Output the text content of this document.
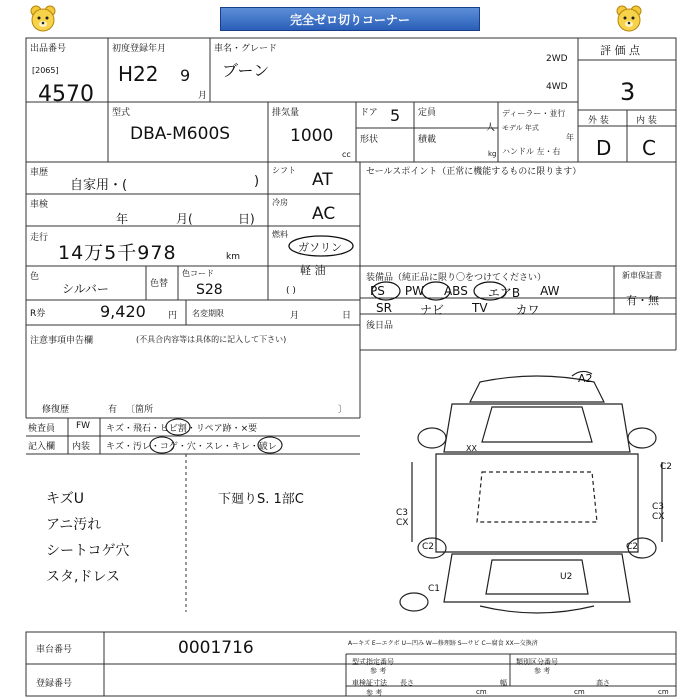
完全ゼロ切りコーナー
出品番号
[2065]
4570
初度登録年月
H22 9
月
車名・グレード
ブーン
2WD
4WD
評 価 点
3
型式
DBA-M600S
排気量
1000
cc
ドア 5
形状
定員
人
積載
kg
ディーラー・並行
モデル 年式
年
ハンドル 左・右
外 装	内 装
D C
車歴
自家用・(	)
シフト AT	セールスポイント（正常に機能するものに限ります）
車検
年	月(	日)
冷房
AC
走行
14万5千978	km
燃料
ガソリン
軽 油
( )
色
シルバー	色替
色コード
S28
装備品（純正品に限り〇をつけてください）
PS PW ABS エアB AW
SR ナビ TV カワ
新車保証書
有・無
後日品
R券	9,420 円 名変期限	月	日
注意事項申告欄	(不具合内容等は具体的に記入して下さい)
修復歴	有 〔箇所	〕
検査員
記入欄
FW
内装
キズ・飛石・ヒビ割・リペア跡・×要
キズ・汚レ・コゲ・穴・スレ・キレ・破レ
キズU
アニ汚れ
シートコゲ穴
スタ,ドレス
下廻りS. 1部C
A2
XX
C2
C3
CX
C3
CX
C2	C2
U2
C1
車台番号	0001716
登録番号
A—キズ E—エクボ U—凹み W—修理跡 S—サビ C—腐食 XX—交換済
型式指定番号
参 考
類別区分番号
参 考
車検証寸法
参 考
長さ
cm
幅
cm
高さ
cm
